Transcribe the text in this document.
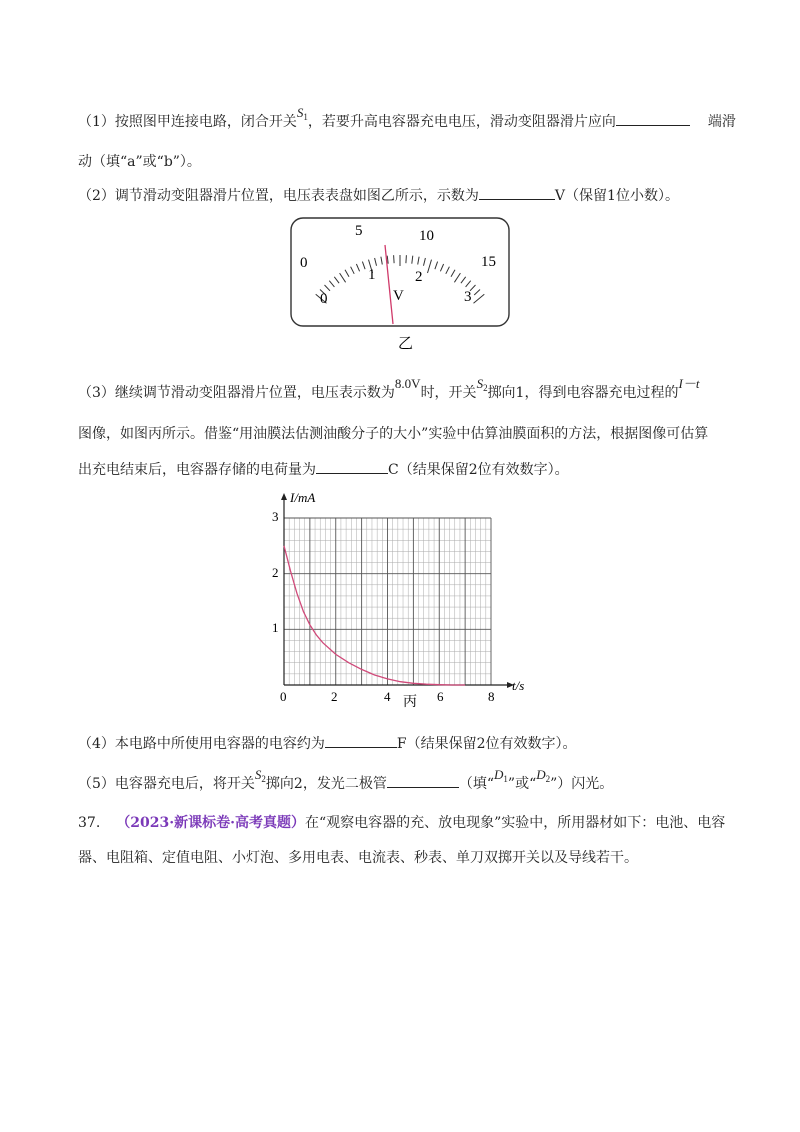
（1）按照图甲连接电路，闭合开关$S_1$，若要升高电容器充电电压，滑动变阻器滑片应向	端滑
动（填“a”或“b”）。
（2）调节滑动变阻器滑片位置，电压表表盘如图乙所示，示数为	V（保留1位小数）。
0
5	10
15
0
1	2
3
V
乙
（3）继续调节滑动变阻器滑片位置，电压表示数为8.0V时，开关$S_2$掷向1，得到电容器充电过程的I－t
图像，如图丙所示。借鉴“用油膜法估测油酸分子的大小”实验中估算油膜面积的方法，根据图像可估算
出充电结束后，电容器存储的电荷量为	C（结果保留2位有效数字）。
I/mA
t/s
1
2
3
0	2	4	6	8
丙
（4）本电路中所使用电容器的电容约为	F（结果保留2位有效数字）。
（5）电容器充电后，将开关$S_2$掷向2，发光二极管	（填“$D_1$”或“$D_2$”）闪光。
37. （2023·新课标卷·高考真题）在“观察电容器的充、放电现象”实验中，所用器材如下：电池、电容
器、电阻箱、定值电阻、小灯泡、多用电表、电流表、秒表、单刀双掷开关以及导线若干。
